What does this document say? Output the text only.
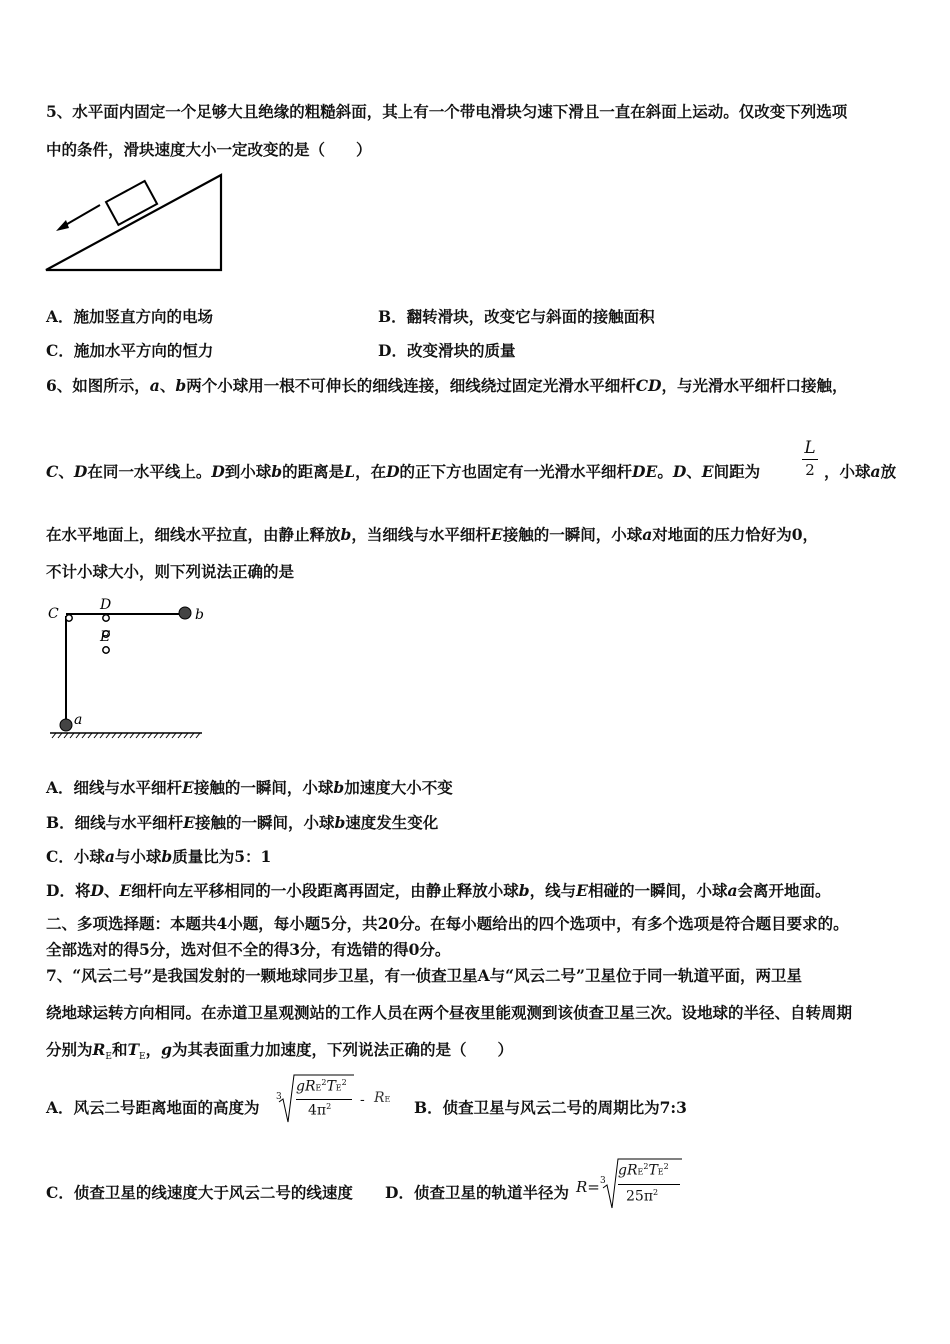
5、水平面内固定一个足够大且绝缘的粗糙斜面，其上有一个带电滑块匀速下滑且一直在斜面上运动。仅改变下列选项
中的条件，滑块速度大小一定改变的是（　　）
A．施加竖直方向的电场	B．翻转滑块，改变它与斜面的接触面积
C．施加水平方向的恒力	D．改变滑块的质量
6、如图所示，a、b两个小球用一根不可伸长的细线连接，细线绕过固定光滑水平细杆CD，与光滑水平细杆口接触，
C、D在同一水平线上。D到小球b的距离是L，在D的正下方也固定有一光滑水平细杆DE。D、E间距为
L
2 ，小球a放
在水平地面上，细线水平拉直，由静止释放b，当细线与水平细杆E接触的一瞬间，小球a对地面的压力恰好为0，
不计小球大小，则下列说法正确的是
C
D
E
b
a
A．细线与水平细杆E接触的一瞬间，小球b加速度大小不变
B．细线与水平细杆E接触的一瞬间，小球b速度发生变化
C．小球a与小球b质量比为5：1
D．将D、E细杆向左平移相同的一小段距离再固定，由静止释放小球b，线与E相碰的一瞬间，小球a会离开地面。
二、多项选择题：本题共4小题，每小题5分，共20分。在每小题给出的四个选项中，有多个选项是符合题目要求的。
全部选对的得5分，选对但不全的得3分，有选错的得0分。
7、“风云二号”是我国发射的一颗地球同步卫星，有一侦查卫星A与“风云二号”卫星位于同一轨道平面，两卫星
绕地球运转方向相同。在赤道卫星观测站的工作人员在两个昼夜里能观测到该侦查卫星三次。设地球的半径、自转周期
分别为$R_E$和$T_E$，g为其表面重力加速度，下列说法正确的是（　　）
A．风云二号距离地面的高度为
3
$gRE^2TE^2$
$4\pi^2$ - RE B．侦查卫星与风云二号的周期比为7:3
C．侦查卫星的线速度大于风云二号的线速度 D．侦查卫星的轨道半径为 R= 3
$gRE^2TE^2$
$25\pi^2$
